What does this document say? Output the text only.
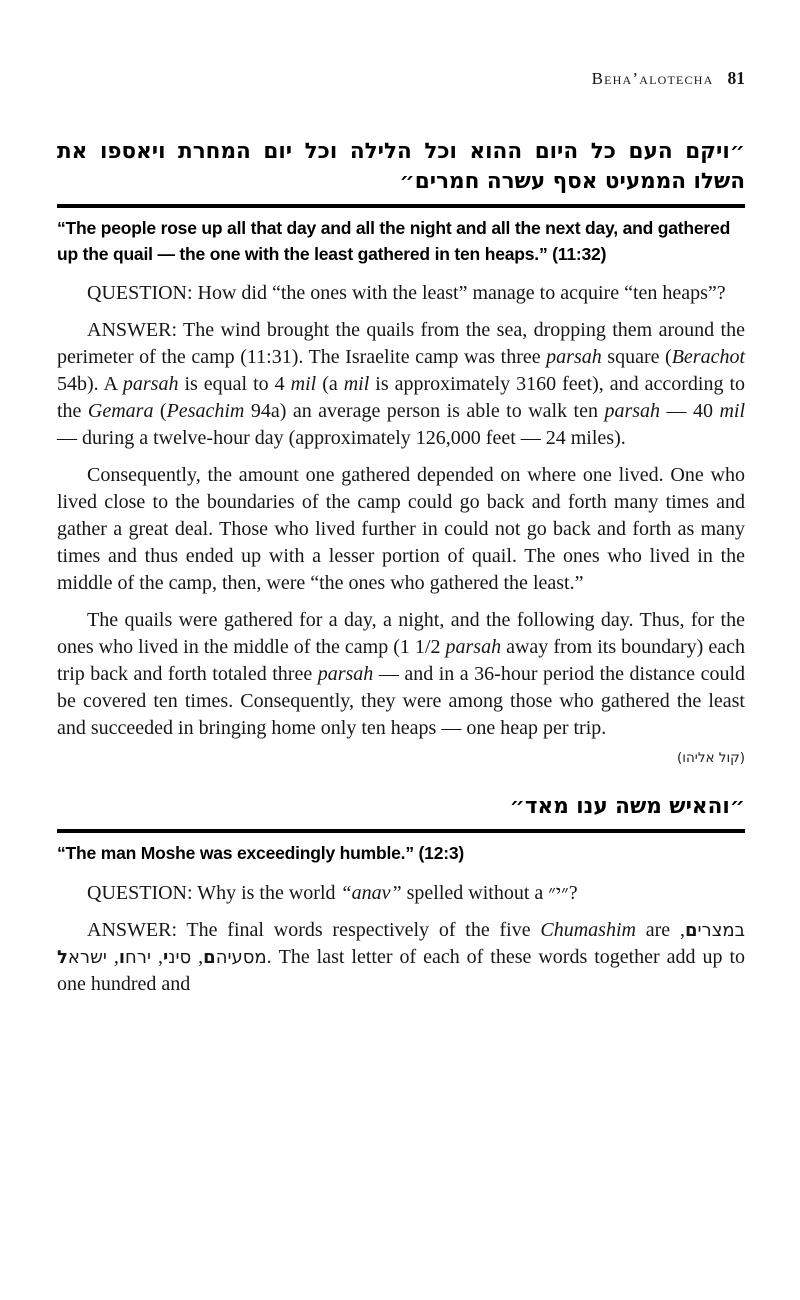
Beha’alotecha 81
״ויקם העם כל היום ההוא וכל הלילה וכל יום המחרת ויאספו את השלו הממעיט אסף עשרה חמרים״
“The people rose up all that day and all the night and all the next day, and gathered up the quail — the one with the least gathered in ten heaps.” (11:32)

QUESTION: How did “the ones with the least” manage to acquire “ten heaps”?

ANSWER: The wind brought the quails from the sea, dropping them around the perimeter of the camp (11:31). The Israelite camp was three parsah square (Berachot 54b). A parsah is equal to 4 mil (a mil is approximately 3160 feet), and according to the Gemara (Pesachim 94a) an average person is able to walk ten parsah — 40 mil — during a twelve-hour day (approximately 126,000 feet — 24 miles).

Consequently, the amount one gathered depended on where one lived. One who lived close to the boundaries of the camp could go back and forth many times and gather a great deal. Those who lived further in could not go back and forth as many times and thus ended up with a lesser portion of quail. The ones who lived in the middle of the camp, then, were “the ones who gathered the least.”

The quails were gathered for a day, a night, and the following day. Thus, for the ones who lived in the middle of the camp (1 1/2 parsah away from its boundary) each trip back and forth totaled three parsah — and in a 36-hour period the distance could be covered ten times. Consequently, they were among those who gathered the least and succeeded in bringing home only ten heaps — one heap per trip.

(קול אליהו)
״והאיש משה ענו מאד״
“The man Moshe was exceedingly humble.” (12:3)

QUESTION: Why is the world “anav” spelled without a ״י״?

ANSWER: The final words respectively of the five Chumashim are במצרים, מסעיהם, סיני, ירחו, ישראל	. The last letter of each of these words together add up to one hundred and
